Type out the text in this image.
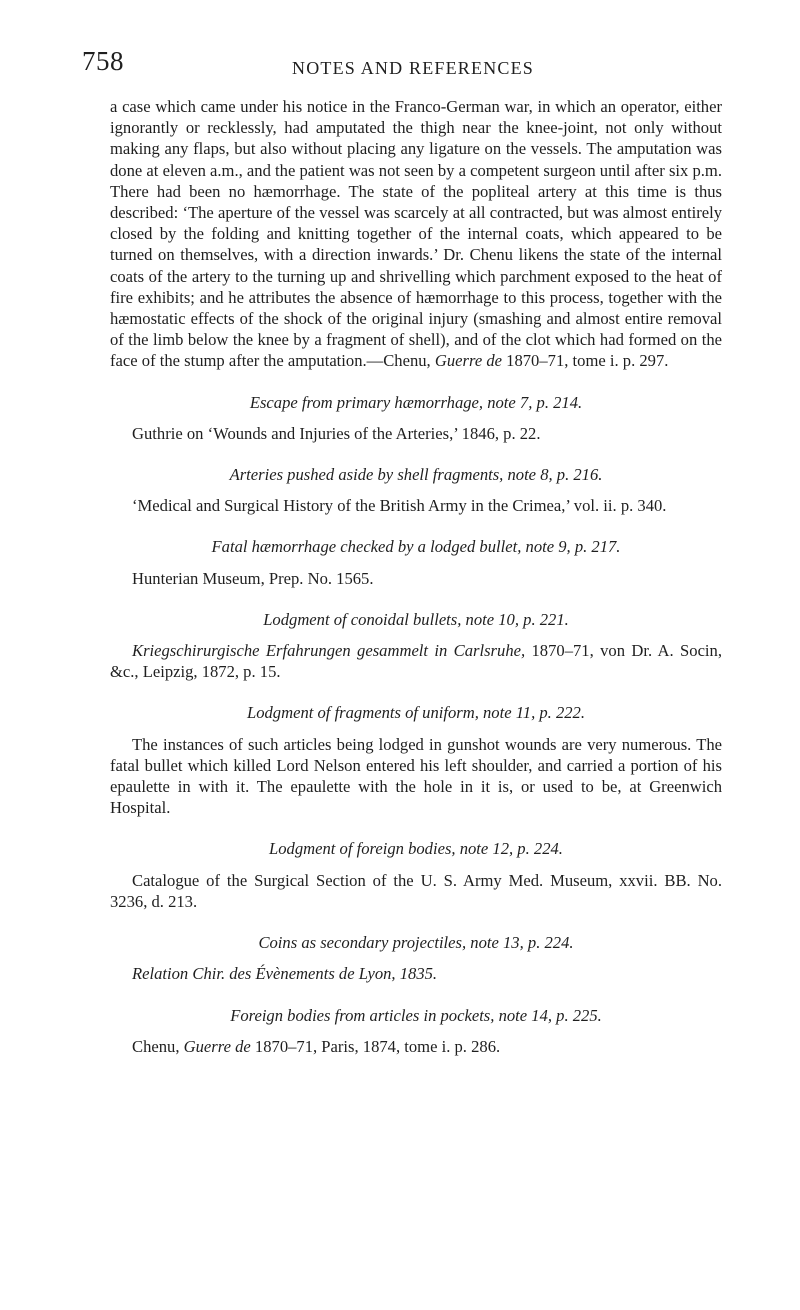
758	NOTES AND REFERENCES

a case which came under his notice in the Franco-German war, in which an operator, either ignorantly or recklessly, had amputated the thigh near the knee-joint, not only without making any flaps, but also without placing any ligature on the vessels. The amputation was done at eleven a.m., and the patient was not seen by a competent surgeon until after six p.m. There had been no hæmorrhage. The state of the popliteal artery at this time is thus described: ‘The aperture of the vessel was scarcely at all contracted, but was almost entirely closed by the folding and knitting together of the internal coats, which appeared to be turned on themselves, with a direction inwards.’ Dr. Chenu likens the state of the internal coats of the artery to the turning up and shrivelling which parchment exposed to the heat of fire exhibits; and he attributes the absence of hæmorrhage to this process, together with the hæmostatic effects of the shock of the original injury (smashing and almost entire removal of the limb below the knee by a fragment of shell), and of the clot which had formed on the face of the stump after the amputation.—Chenu, Guerre de 1870–71, tome i. p. 297.

Escape from primary hæmorrhage, note 7, p. 214.

Guthrie on ‘Wounds and Injuries of the Arteries,’ 1846, p. 22.

Arteries pushed aside by shell fragments, note 8, p. 216.

‘Medical and Surgical History of the British Army in the Crimea,’ vol. ii. p. 340.

Fatal hæmorrhage checked by a lodged bullet, note 9, p. 217.

Hunterian Museum, Prep. No. 1565.

Lodgment of conoidal bullets, note 10, p. 221.

Kriegschirurgische Erfahrungen gesammelt in Carlsruhe, 1870–71, von Dr. A. Socin, &c., Leipzig, 1872, p. 15.

Lodgment of fragments of uniform, note 11, p. 222.

The instances of such articles being lodged in gunshot wounds are very numerous. The fatal bullet which killed Lord Nelson entered his left shoulder, and carried a portion of his epaulette in with it. The epaulette with the hole in it is, or used to be, at Greenwich Hospital.

Lodgment of foreign bodies, note 12, p. 224.

Catalogue of the Surgical Section of the U. S. Army Med. Museum, xxvii. BB. No. 3236, d. 213.

Coins as secondary projectiles, note 13, p. 224.

Relation Chir. des Évènements de Lyon, 1835.

Foreign bodies from articles in pockets, note 14, p. 225.

Chenu, Guerre de 1870–71, Paris, 1874, tome i. p. 286.
